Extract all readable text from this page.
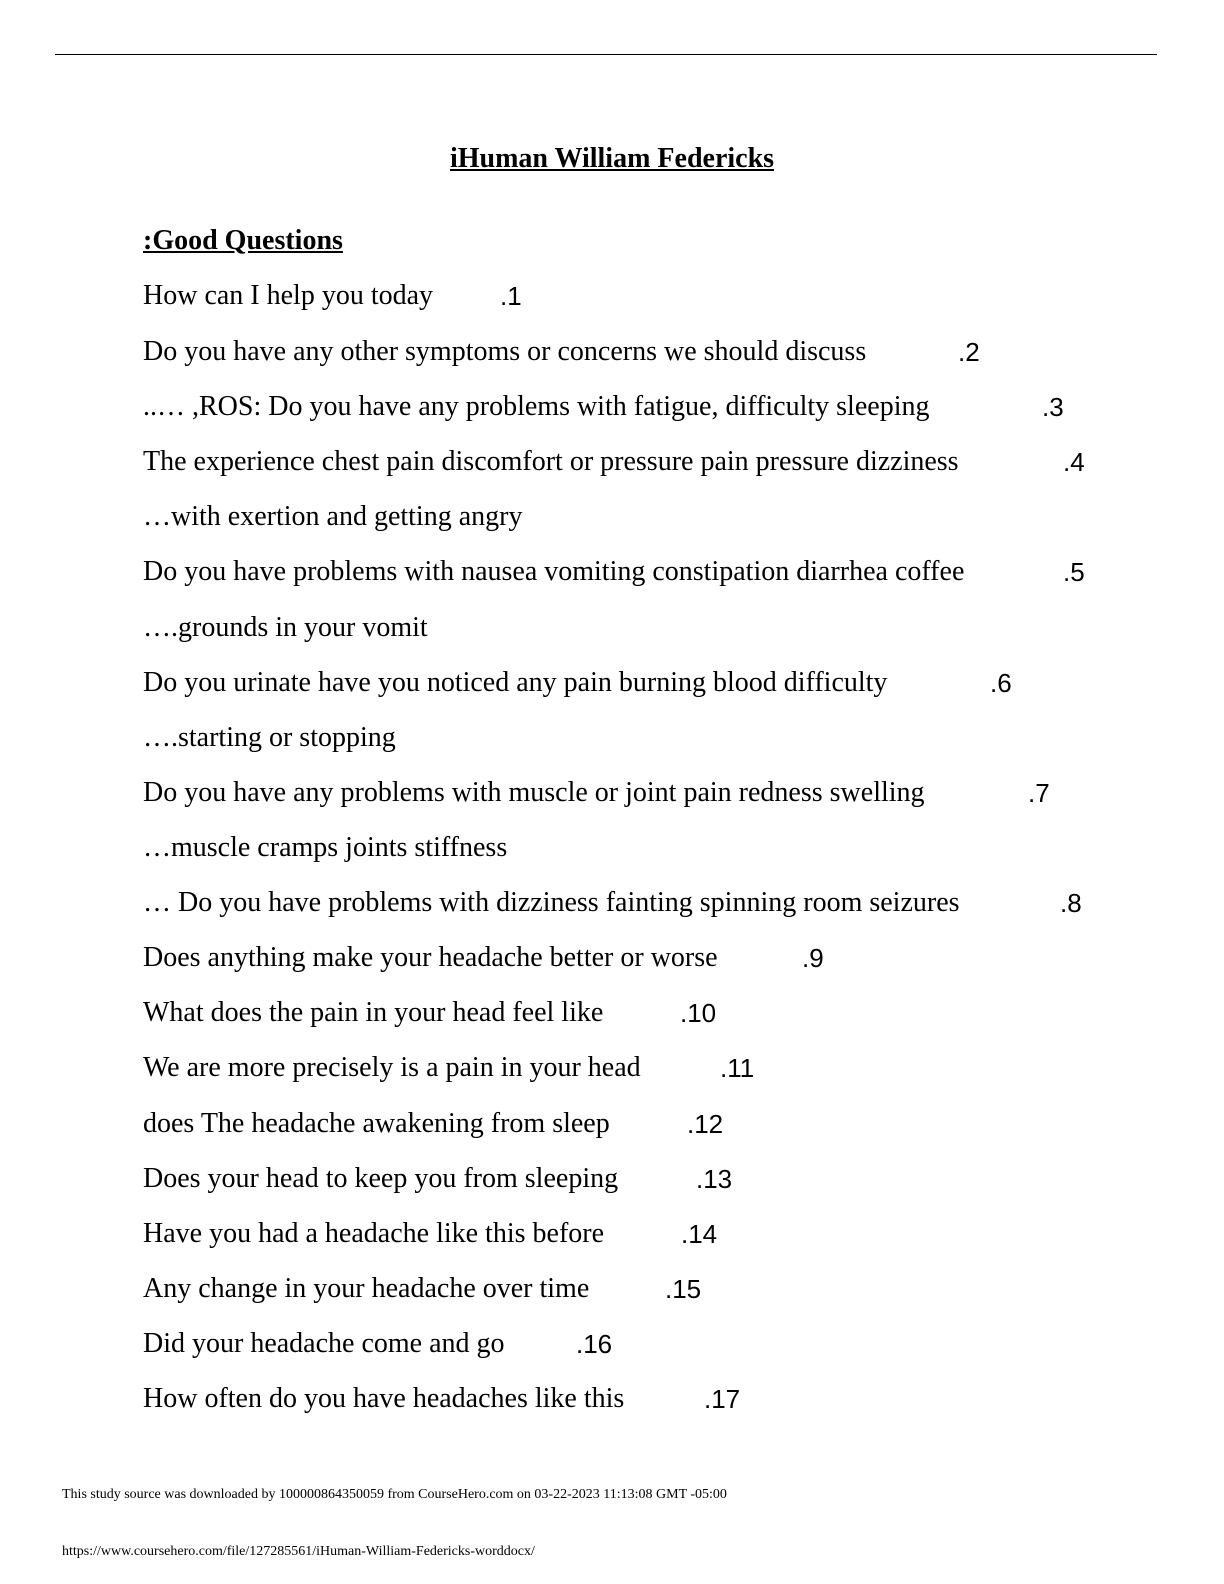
iHuman William Federicks
:Good Questions
How can I help you today	.1
Do you have any other symptoms or concerns we should discuss	.2
..… ,ROS: Do you have any problems with fatigue, difficulty sleeping	.3
The experience chest pain discomfort or pressure pain pressure dizziness	.4
…with exertion and getting angry
Do you have problems with nausea vomiting constipation diarrhea coffee	.5
….grounds in your vomit
Do you urinate have you noticed any pain burning blood difficulty	.6
….starting or stopping
Do you have any problems with muscle or joint pain redness swelling	.7
…muscle cramps joints stiffness
… Do you have problems with dizziness fainting spinning room seizures	.8
Does anything make your headache better or worse	.9
What does the pain in your head feel like	.10
We are more precisely is a pain in your head	.11
does The headache awakening from sleep	.12
Does your head to keep you from sleeping	.13
Have you had a headache like this before	.14
Any change in your headache over time	.15
Did your headache come and go	.16
How often do you have headaches like this	.17
This study source was downloaded by 100000864350059 from CourseHero.com on 03-22-2023 11:13:08 GMT -05:00
https://www.coursehero.com/file/127285561/iHuman-William-Federicks-worddocx/
